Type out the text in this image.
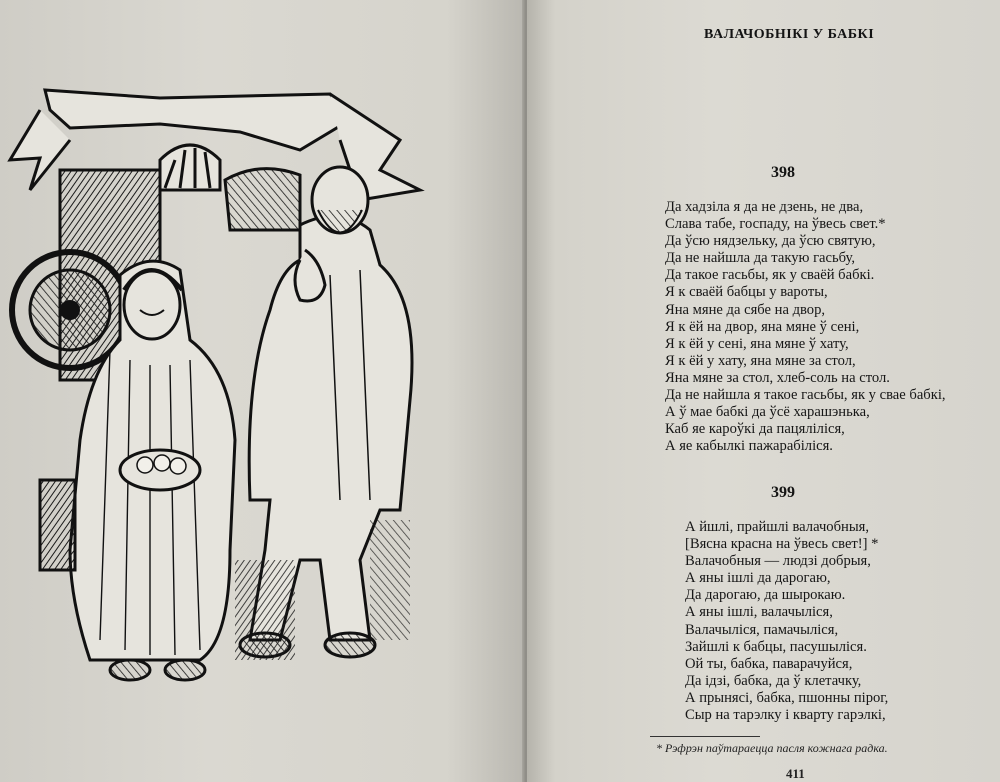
ВАЛАЧОБНІКІ У БАБКІ
398
Да хадзіла я да не дзень, не два,
Слава табе, госпаду, на ўвесь свет.*
Да ўсю нядзельку, да ўсю святую,
Да не найшла да такую гасьбу,
Да такое гасьбы, як у сваёй бабкі.
Я к сваёй бабцы у вароты,
Яна мяне да сябе на двор,
Я к ёй на двор, яна мяне ў сені,
Я к ёй у сені, яна мяне ў хату,
Я к ёй у хату, яна мяне за стол,
Яна мяне за стол, хлеб-соль на стол.
Да не найшла я такое гасьбы, як у свае бабкі,
А ў мае бабкі да ўсё харашэнька,
Каб яе кароўкі да пацяліліся,
А яе кабылкі пажарабіліся.
399
А йшлі, прайшлі валачобныя,
[Вясна красна на ўвесь свет!] *
Валачобныя — людзі добрыя,
А яны ішлі да дарогаю,
Да дарогаю, да шырокаю.
А яны ішлі, валачыліся,
Валачыліся, памачыліся,
Зайшлі к бабцы, пасушыліся.
Ой ты, бабка, паварачуйся,
Да ідзі, бабка, да ў клетачку,
А прынясі, бабка, пшонны пірог,
Сыр на тарэлку і кварту гарэлкі,
* Рэфрэн паўтараецца пасля кожнага радка.
411
